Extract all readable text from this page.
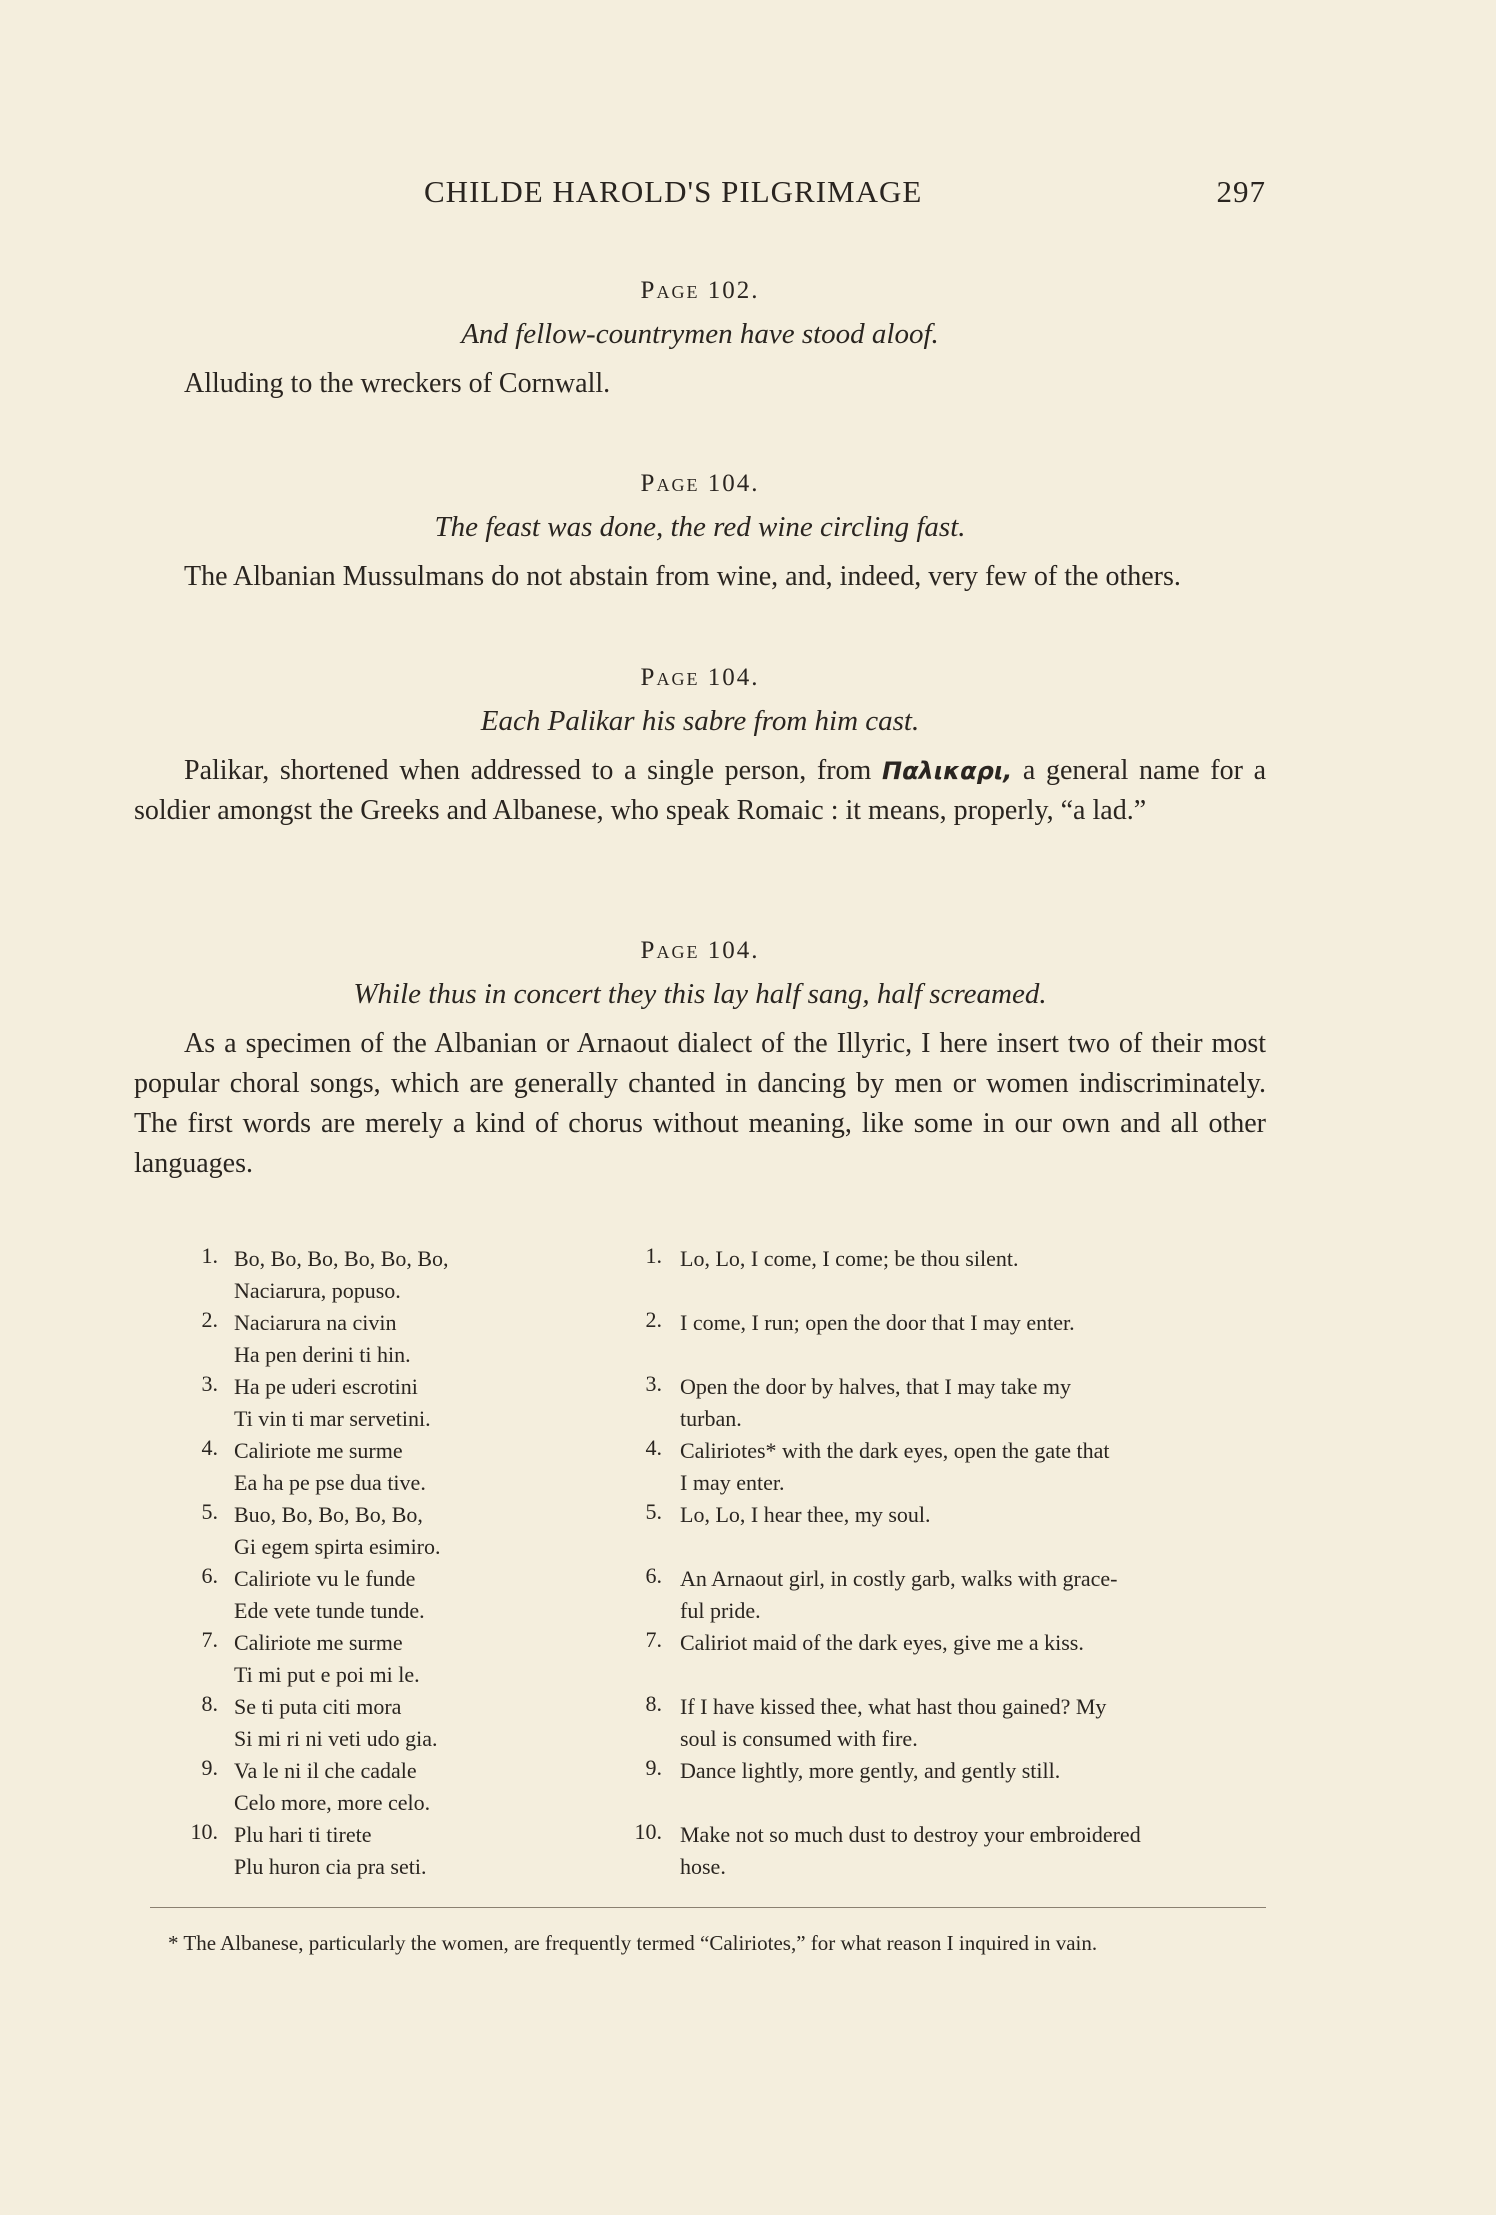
CHILDE HAROLD'S PILGRIMAGE	297
Page 102.
And fellow-countrymen have stood aloof.
Alluding to the wreckers of Cornwall.
Page 104.
The feast was done, the red wine circling fast.
The Albanian Mussulmans do not abstain from wine, and, indeed, very few of the others.
Page 104.
Each Palikar his sabre from him cast.
Palikar, shortened when addressed to a single person, from Παλικαρι, a general name for a soldier amongst the Greeks and Albanese, who speak Romaic : it means, properly, “a lad.”
Page 104.
While thus in concert they this lay half sang, half screamed.
As a specimen of the Albanian or Arnaout dialect of the Illyric, I here insert two of their most popular choral songs, which are generally chanted in dancing by men or women indiscriminately. The first words are merely a kind of chorus without meaning, like some in our own and all other languages.
1. Bo, Bo, Bo, Bo, Bo, Bo,
Naciarura, popuso.
1. Lo, Lo, I come, I come; be thou silent.
2. Naciarura na civin
Ha pen derini ti hin.
2. I come, I run; open the door that I may enter.
3. Ha pe uderi escrotini
Ti vin ti mar servetini.
3. Open the door by halves, that I may take my
turban.
4. Caliriote me surme
Ea ha pe pse dua tive.
4. Caliriotes* with the dark eyes, open the gate that
I may enter.
5. Buo, Bo, Bo, Bo, Bo,
Gi egem spirta esimiro.
5. Lo, Lo, I hear thee, my soul.
6. Caliriote vu le funde
Ede vete tunde tunde.
6. An Arnaout girl, in costly garb, walks with grace-
ful pride.
7. Caliriote me surme
Ti mi put e poi mi le.
7. Caliriot maid of the dark eyes, give me a kiss.
8. Se ti puta citi mora
Si mi ri ni veti udo gia.
8. If I have kissed thee, what hast thou gained? My
soul is consumed with fire.
9. Va le ni il che cadale
Celo more, more celo.
9. Dance lightly, more gently, and gently still.
10. Plu hari ti tirete
Plu huron cia pra seti.
10. Make not so much dust to destroy your embroidered
hose.
* The Albanese, particularly the women, are frequently termed “Caliriotes,” for what reason I inquired in vain.
